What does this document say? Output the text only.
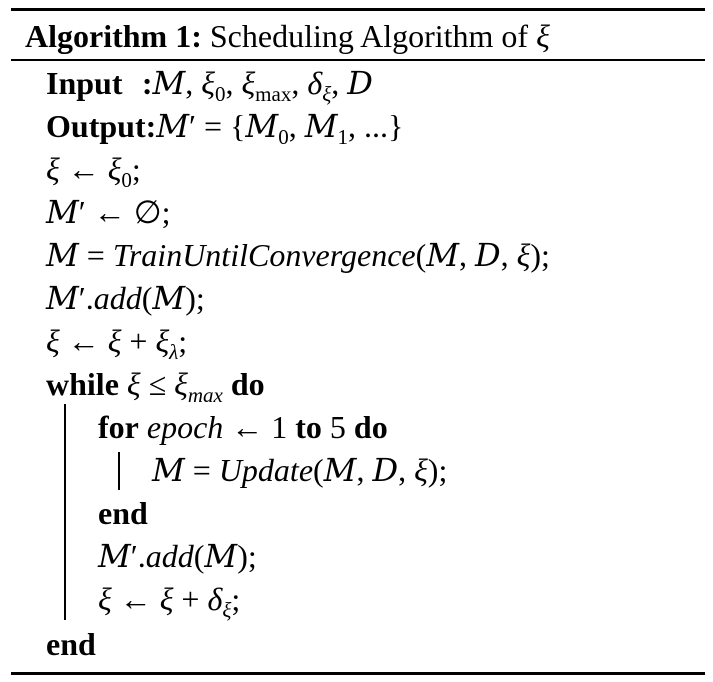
Algorithm 1: Scheduling Algorithm of ξ
Input :M, $\xi_0$, $\xi_{max}$, $\delta_\xi$, D
Output:M′ = {$M_0$, $M_1$, ...}
ξ ← $\xi_0$;
M′ ← ∅;
M = TrainUntilConvergence(M, D, ξ);
M′.add(M);
ξ ← $\xi + \xi_\lambda$;
while $\xi \le \xi_{max}$ do
for epoch ← 1 to 5 do
M = Update(M, D, ξ);
end
M′.add(M);
ξ ← $\xi + \delta_\xi$;
end
